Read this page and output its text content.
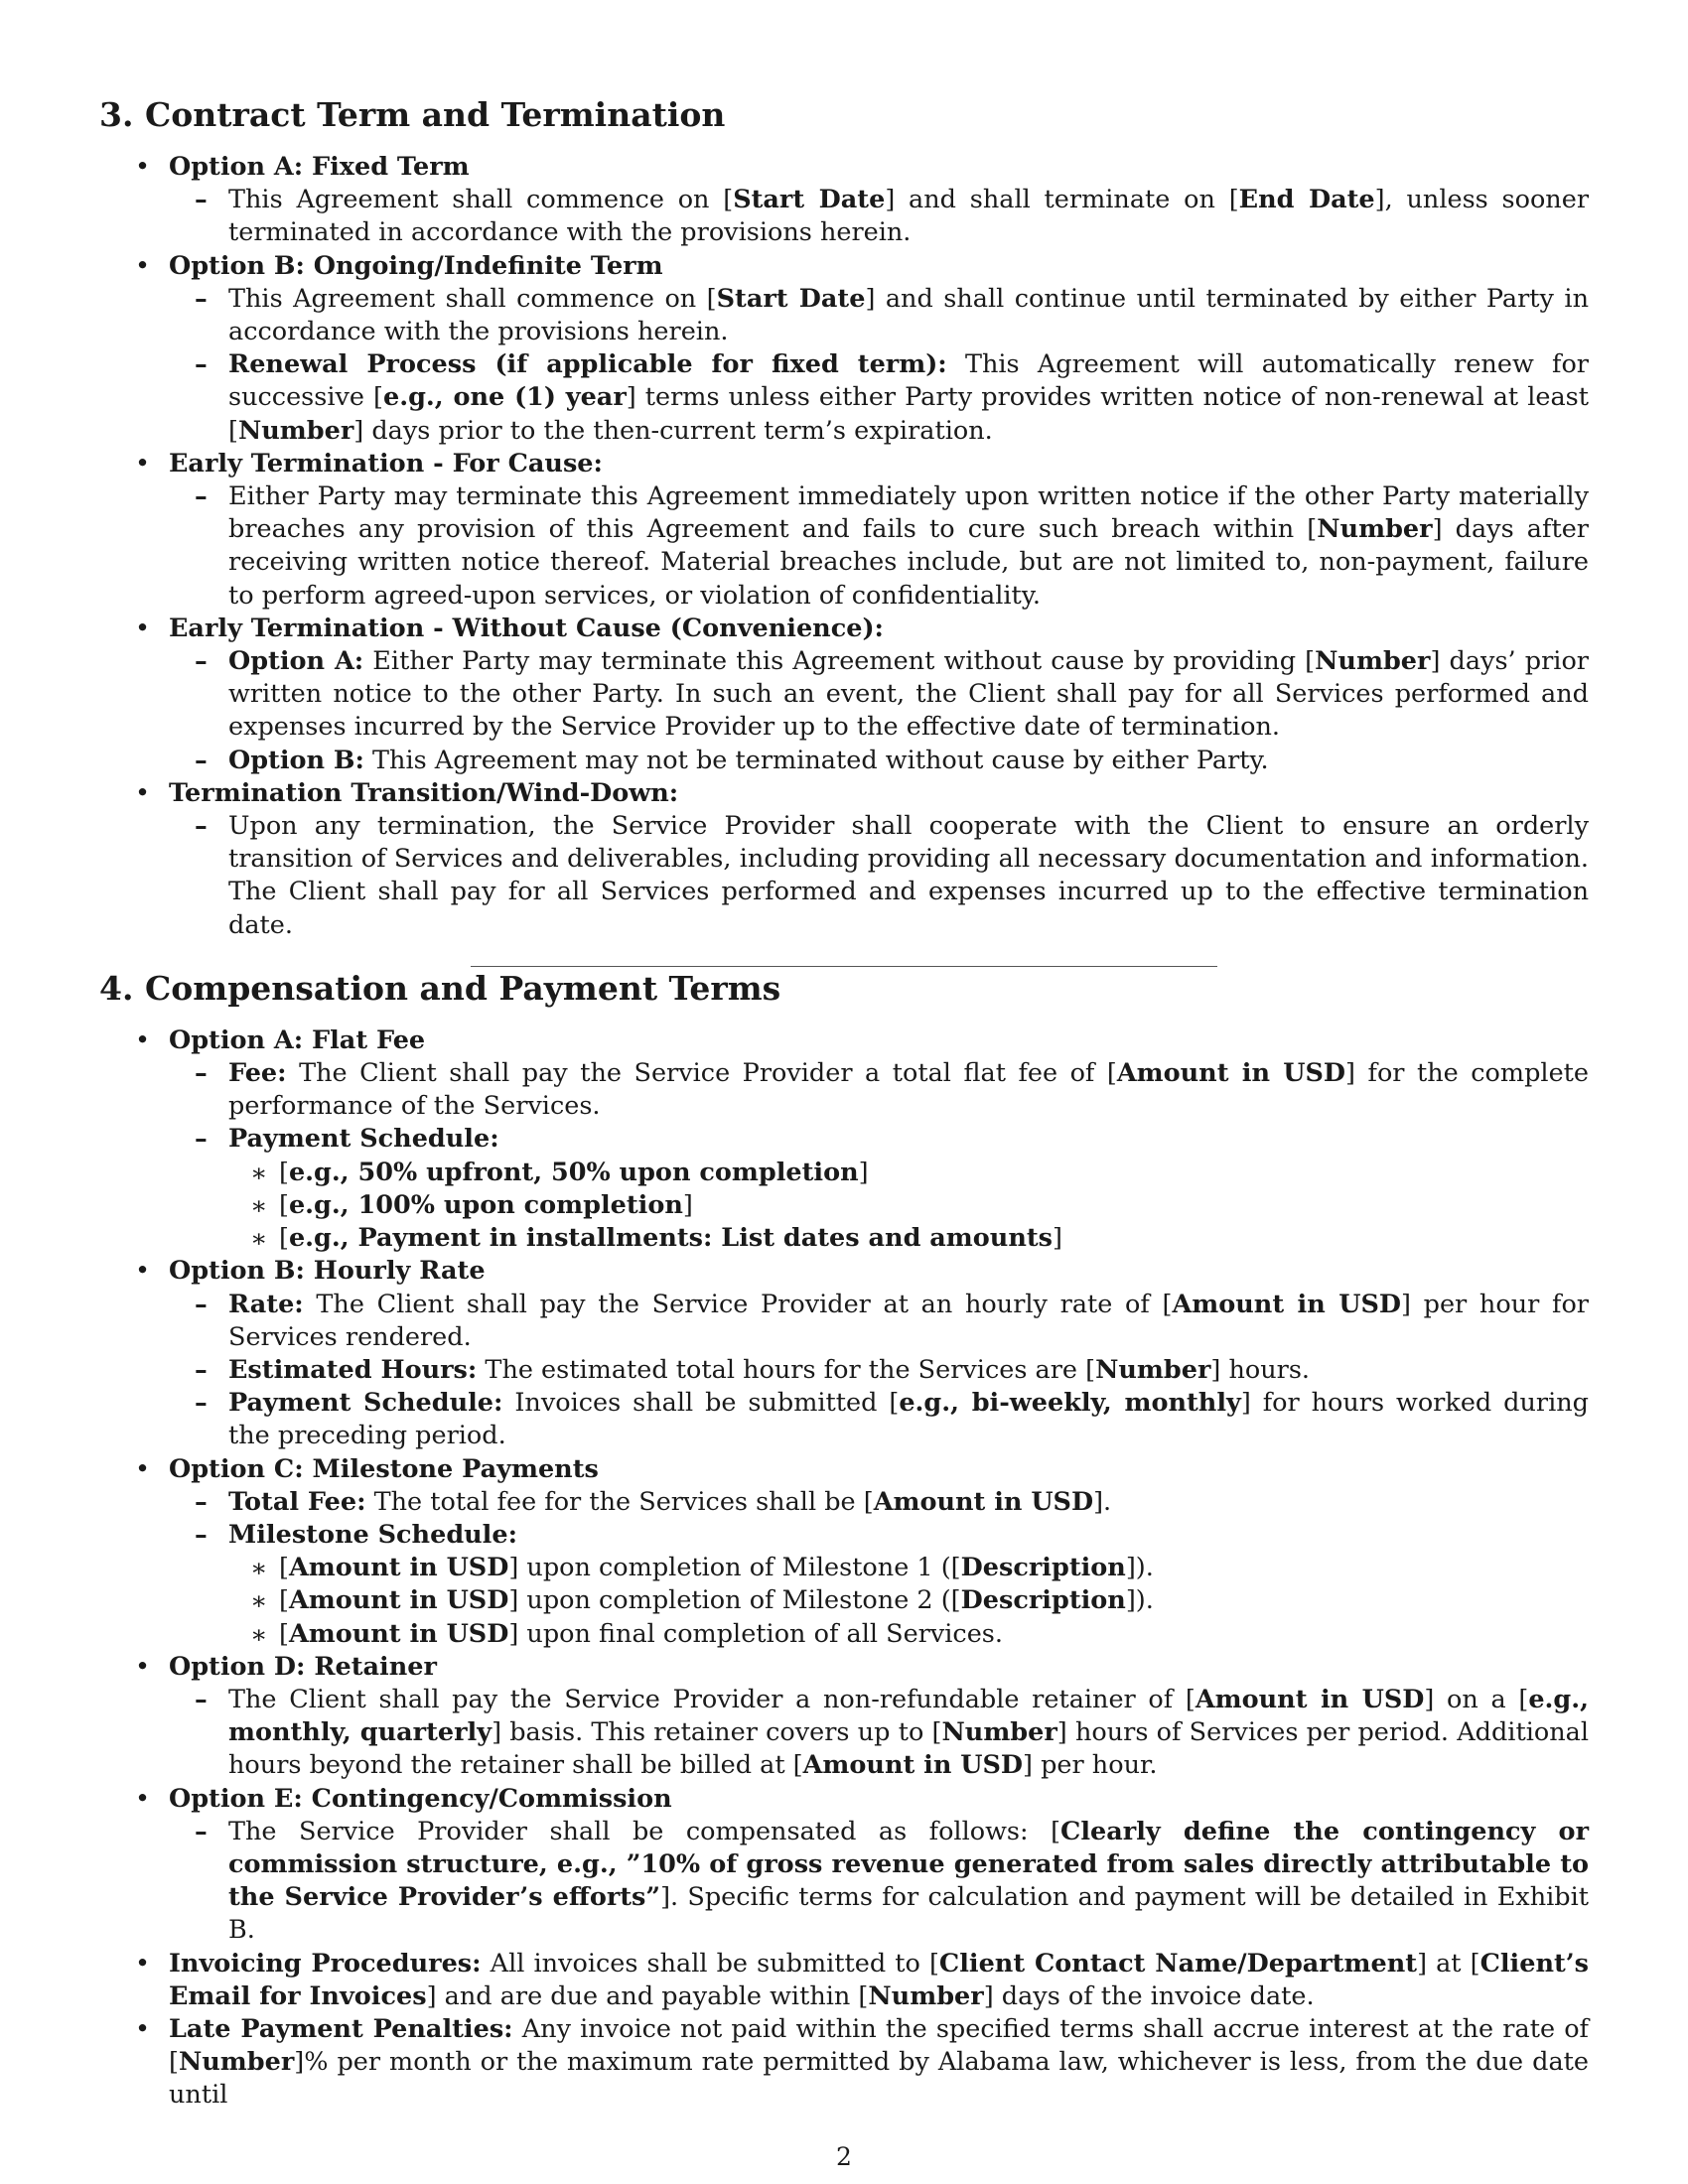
3. Contract Term and Termination
• Option A: Fixed Term
– This Agreement shall commence on [Start Date] and shall terminate on [End Date], unless sooner terminated in accordance with the provisions herein.
• Option B: Ongoing/Indefinite Term
– This Agreement shall commence on [Start Date] and shall continue until terminated by either Party in accordance with the provisions herein.
– Renewal Process (if applicable for fixed term): This Agreement will automatically renew for successive [e.g., one (1) year] terms unless either Party provides written notice of non-renewal at least [Number] days prior to the then-current term’s expiration.
• Early Termination - For Cause:
– Either Party may terminate this Agreement immediately upon written notice if the other Party materially breaches any provision of this Agreement and fails to cure such breach within [Number] days after receiving written notice thereof. Material breaches include, but are not limited to, non-payment, failure to perform agreed-upon services, or violation of confidentiality.
• Early Termination - Without Cause (Convenience):
– Option A: Either Party may terminate this Agreement without cause by providing [Number] days’ prior written notice to the other Party. In such an event, the Client shall pay for all Services performed and expenses incurred by the Service Provider up to the effective date of termination.
– Option B: This Agreement may not be terminated without cause by either Party.
• Termination Transition/Wind-Down:
– Upon any termination, the Service Provider shall cooperate with the Client to ensure an orderly transition of Services and deliverables, including providing all necessary documentation and information. The Client shall pay for all Services performed and expenses incurred up to the effective termination date.
4. Compensation and Payment Terms
• Option A: Flat Fee
– Fee: The Client shall pay the Service Provider a total flat fee of [Amount in USD] for the complete performance of the Services.
– Payment Schedule:
∗ [e.g., 50% upfront, 50% upon completion]
∗ [e.g., 100% upon completion]
∗ [e.g., Payment in installments: List dates and amounts]
• Option B: Hourly Rate
– Rate: The Client shall pay the Service Provider at an hourly rate of [Amount in USD] per hour for Services rendered.
– Estimated Hours: The estimated total hours for the Services are [Number] hours.
– Payment Schedule: Invoices shall be submitted [e.g., bi-weekly, monthly] for hours worked during the preceding period.
• Option C: Milestone Payments
– Total Fee: The total fee for the Services shall be [Amount in USD].
– Milestone Schedule:
∗ [Amount in USD] upon completion of Milestone 1 ([Description]).
∗ [Amount in USD] upon completion of Milestone 2 ([Description]).
∗ [Amount in USD] upon final completion of all Services.
• Option D: Retainer
– The Client shall pay the Service Provider a non-refundable retainer of [Amount in USD] on a [e.g., monthly, quarterly] basis. This retainer covers up to [Number] hours of Services per period. Additional hours beyond the retainer shall be billed at [Amount in USD] per hour.
• Option E: Contingency/Commission
– The Service Provider shall be compensated as follows: [Clearly define the contingency or commission structure, e.g., ”10% of gross revenue generated from sales directly attributable to the Service Provider’s efforts”]. Specific terms for calculation and payment will be detailed in Exhibit B.
• Invoicing Procedures: All invoices shall be submitted to [Client Contact Name/Department] at [Client’s Email for Invoices] and are due and payable within [Number] days of the invoice date.
• Late Payment Penalties: Any invoice not paid within the specified terms shall accrue interest at the rate of [Number]% per month or the maximum rate permitted by Alabama law, whichever is less, from the due date until
2
